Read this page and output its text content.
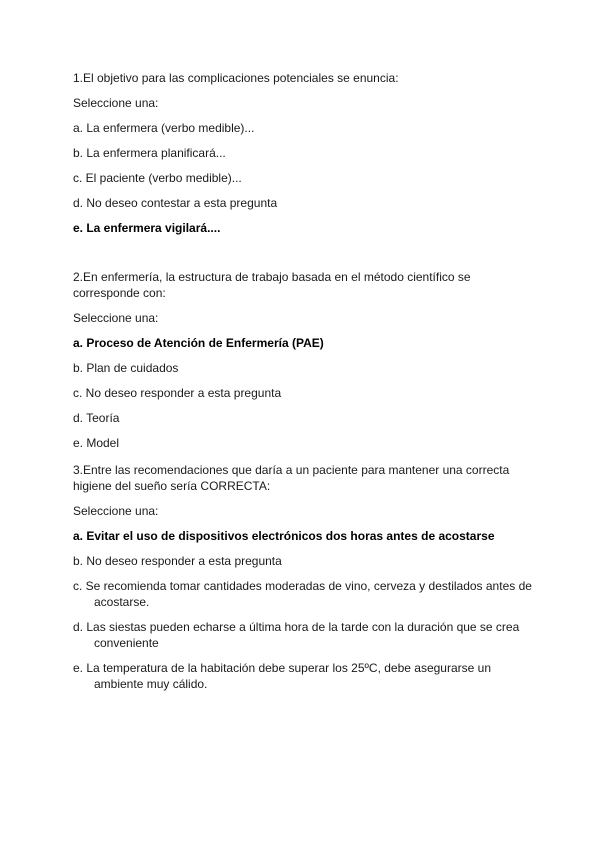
1.El objetivo para las complicaciones potenciales se enuncia:

Seleccione una:

a. La enfermera (verbo medible)...

b. La enfermera planificará...

c. El paciente (verbo medible)...

d. No deseo contestar a esta pregunta

e. La enfermera vigilará....

2.En enfermería, la estructura de trabajo basada en el método científico se corresponde con:

Seleccione una:

a. Proceso de Atención de Enfermería (PAE)

b. Plan de cuidados

c. No deseo responder a esta pregunta

d. Teoría

e. Model

3.Entre las recomendaciones que daría a un paciente para mantener una correcta higiene del sueño sería CORRECTA:

Seleccione una:

a. Evitar el uso de dispositivos electrónicos dos horas antes de acostarse

b. No deseo responder a esta pregunta

c. Se recomienda tomar cantidades moderadas de vino, cerveza y destilados antes de acostarse.

d. Las siestas pueden echarse a última hora de la tarde con la duración que se crea conveniente

e. La temperatura de la habitación debe superar los 25ºC, debe asegurarse un ambiente muy cálido.
